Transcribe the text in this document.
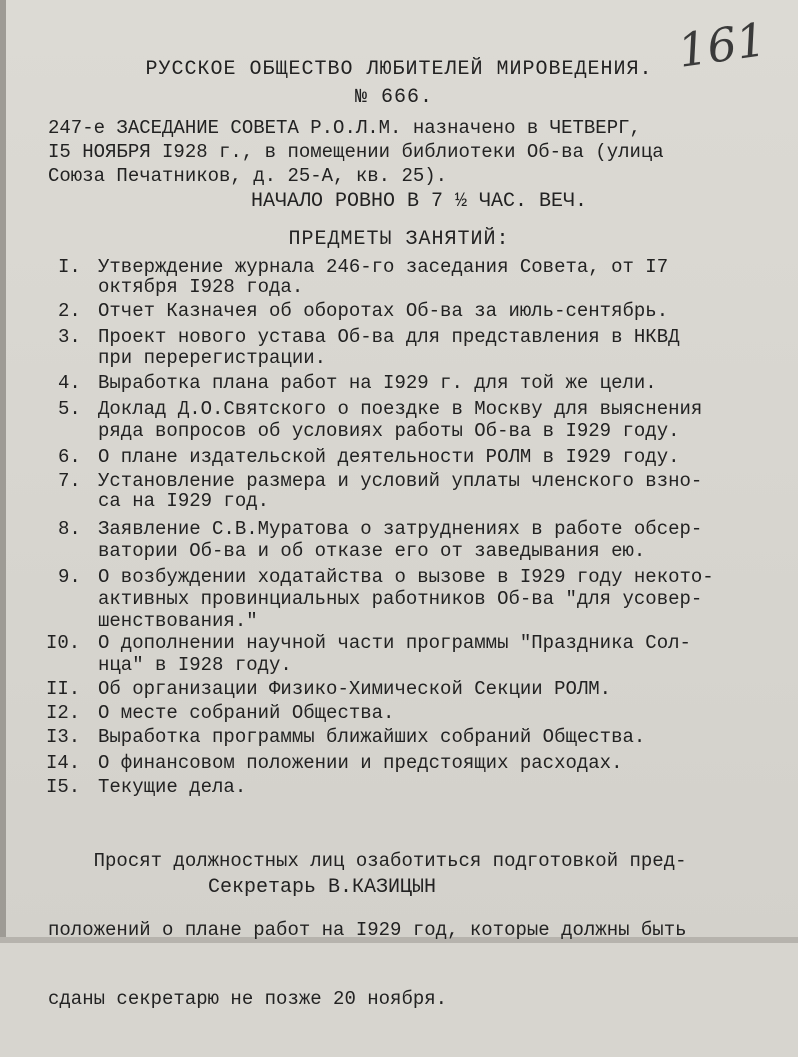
161
РУССКОЕ ОБЩЕСТВО ЛЮБИТЕЛЕЙ МИРОВЕДЕНИЯ.
№ 666.
247-е ЗАСЕДАНИЕ СОВЕТА Р.О.Л.М. назначено в ЧЕТВЕРГ,
I5 НОЯБРЯ I928 г., в помещении библиотеки Об-ва (улица
Союза Печатников, д. 25-А, кв. 25).
НАЧАЛО РОВНО В 7 ½ ЧАС. ВЕЧ.
ПРЕДМЕТЫ ЗАНЯТИЙ:

I.

Утверждение журнала 246-го заседания Совета, от I7

октября I928 года.

2.

Отчет Казначея об оборотах Об-ва за июль-сентябрь.

3.

Проект нового устава Об-ва для представления в НКВД

при перерегистрации.

4.

Выработка плана работ на I929 г. для той же цели.

5.

Доклад Д.О.Святского о поездке в Москву для выяснения

ряда вопросов об условиях работы Об-ва в I929 году.

6.

О плане издательской деятельности РОЛМ в I929 году.

7.

Установление размера и условий уплаты членского взно-

са на I929 год.

8.

Заявление С.В.Муратова о затруднениях в работе обсер-

ватории Об-ва и об отказе его от заведывания ею.

9.

О возбуждении ходатайства о вызове в I929 году некото-

активных провинциальных работников Об-ва "для усовер-

шенствования."

I0.

О дополнении научной части программы "Праздника Сол-

нца" в I928 году.

II.

Об организации Физико-Химической Секции РОЛМ.

I2.

О месте собраний Общества.

I3.

Выработка программы ближайших собраний Общества.

I4.

О финансовом положении и предстоящих расходах.

I5.

Текущие дела.

Просят должностных лиц озаботиться подготовкой пред-

положений о плане работ на I929 год, которые должны быть

сданы секретарю не позже 20 ноября.

Секретарь В.КАЗИЦЫН
